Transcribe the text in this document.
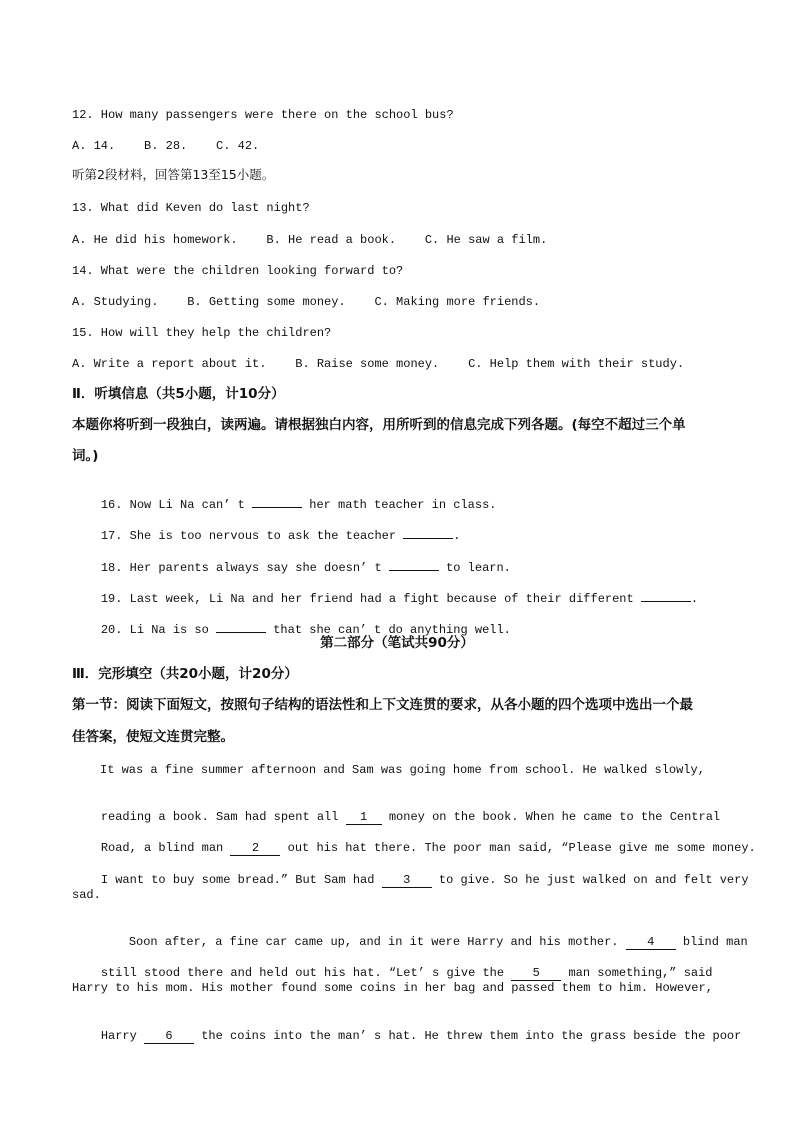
12. How many passengers were there on the school bus?
A. 14.    B. 28.    C. 42.
听第2段材料，回答第13至15小题。
13. What did Keven do last night?
A. He did his homework.    B. He read a book.    C. He saw a film.
14. What were the children looking forward to?
A. Studying.    B. Getting some money.    C. Making more friends.
15. How will they help the children?
A. Write a report about it.    B. Raise some money.    C. Help them with their study.
Ⅱ．听填信息（共5小题，计10分）
本题你将听到一段独白，读两遍。请根据独白内容，用所听到的信息完成下列各题。(每空不超过三个单
词。)

16. Now Li Na can’ t	her math teacher in class.

17. She is too nervous to ask the teacher	.

18. Her parents always say she doesn’ t	to learn.

19. Last week, Li Na and her friend had a fight because of their different	.

20. Li Na is so	that she can’ t do anything well.

第二部分（笔试共90分）
Ⅲ．完形填空（共20小题，计20分）
第一节：阅读下面短文，按照句子结构的语法性和上下文连贯的要求，从各小题的四个选项中选出一个最
佳答案，使短文连贯完整。
It was a fine summer afternoon and Sam was going home from school. He walked slowly,

reading a book. Sam had spent all 1 money on the book. When he came to the Central

Road, a blind man 2 out his hat there. The poor man said, “Please give me some money.

I want to buy some bread.” But Sam had 3 to give. So he just walked on and felt very

sad.

Soon after, a fine car came up, and in it were Harry and his mother. 4 blind man

still stood there and held out his hat. “Let’ s give the 5 man something,” said

Harry to his mom. His mother found some coins in her bag and passed them to him. However,

Harry 6 the coins into the man’ s hat. He threw them into the grass beside the poor
